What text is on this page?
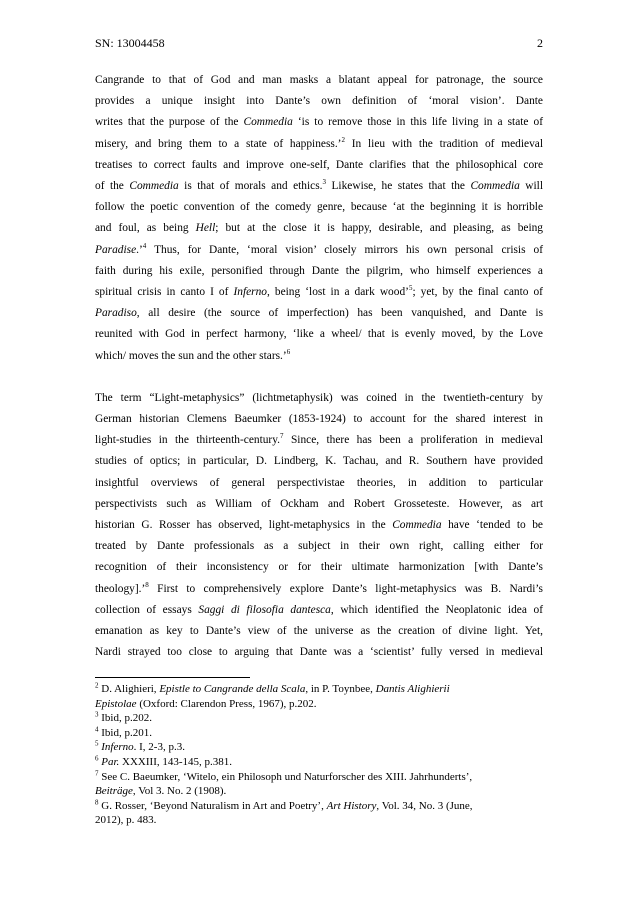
SN: 13004458	2
Cangrande to that of God and man masks a blatant appeal for patronage, the source
provides a unique insight into Dante’s own definition of ‘moral vision’. Dante
writes that the purpose of the Commedia ‘is to remove those in this life living in a state of
misery, and bring them to a state of happiness.’$^2$ In lieu with the tradition of medieval
treatises to correct faults and improve one-self, Dante clarifies that the philosophical core
of the Commedia is that of morals and ethics.$^3$ Likewise, he states that the Commedia will
follow the poetic convention of the comedy genre, because ‘at the beginning it is horrible
and foul, as being Hell; but at the close it is happy, desirable, and pleasing, as being
Paradise.’$^4$ Thus, for Dante, ‘moral vision’ closely mirrors his own personal crisis of
faith during his exile, personified through Dante the pilgrim, who himself experiences a
spiritual crisis in canto I of Inferno, being ‘lost in a dark wood’$^5$; yet, by the final canto of
Paradiso, all desire (the source of imperfection) has been vanquished, and Dante is
reunited with God in perfect harmony, ‘like a wheel/ that is evenly moved, by the Love
which/ moves the sun and the other stars.’$^6$
The term “Light-metaphysics” (lichtmetaphysik) was coined in the twentieth-century by
German historian Clemens Baeumker (1853-1924) to account for the shared interest in
light-studies in the thirteenth-century.$^7$ Since, there has been a proliferation in medieval
studies of optics; in particular, D. Lindberg, K. Tachau, and R. Southern have provided
insightful overviews of general perspectivistae theories, in addition to particular
perspectivists such as William of Ockham and Robert Grosseteste. However, as art
historian G. Rosser has observed, light-metaphysics in the Commedia have ‘tended to be
treated by Dante professionals as a subject in their own right, calling either for
recognition of their inconsistency or for their ultimate harmonization [with Dante’s
theology].’$^8$ First to comprehensively explore Dante’s light-metaphysics was B. Nardi’s
collection of essays Saggi di filosofia dantesca, which identified the Neoplatonic idea of
emanation as key to Dante’s view of the universe as the creation of divine light. Yet,
Nardi strayed too close to arguing that Dante was a ‘scientist’ fully versed in medieval
$^2$ D. Alighieri, Epistle to Cangrande della Scala, in P. Toynbee, Dantis Alighierii
Epistolae (Oxford: Clarendon Press, 1967), p.202.
$^3$ Ibid, p.202.
$^4$ Ibid, p.201.
$^5$ Inferno. I, 2-3, p.3.
$^6$ Par. XXXIII, 143-145, p.381.
$^7$ See C. Baeumker, ‘Witelo, ein Philosoph und Naturforscher des XIII. Jahrhunderts’,
Beiträge, Vol 3. No. 2 (1908).
$^8$ G. Rosser, ‘Beyond Naturalism in Art and Poetry’, Art History, Vol. 34, No. 3 (June,
2012), p. 483.
